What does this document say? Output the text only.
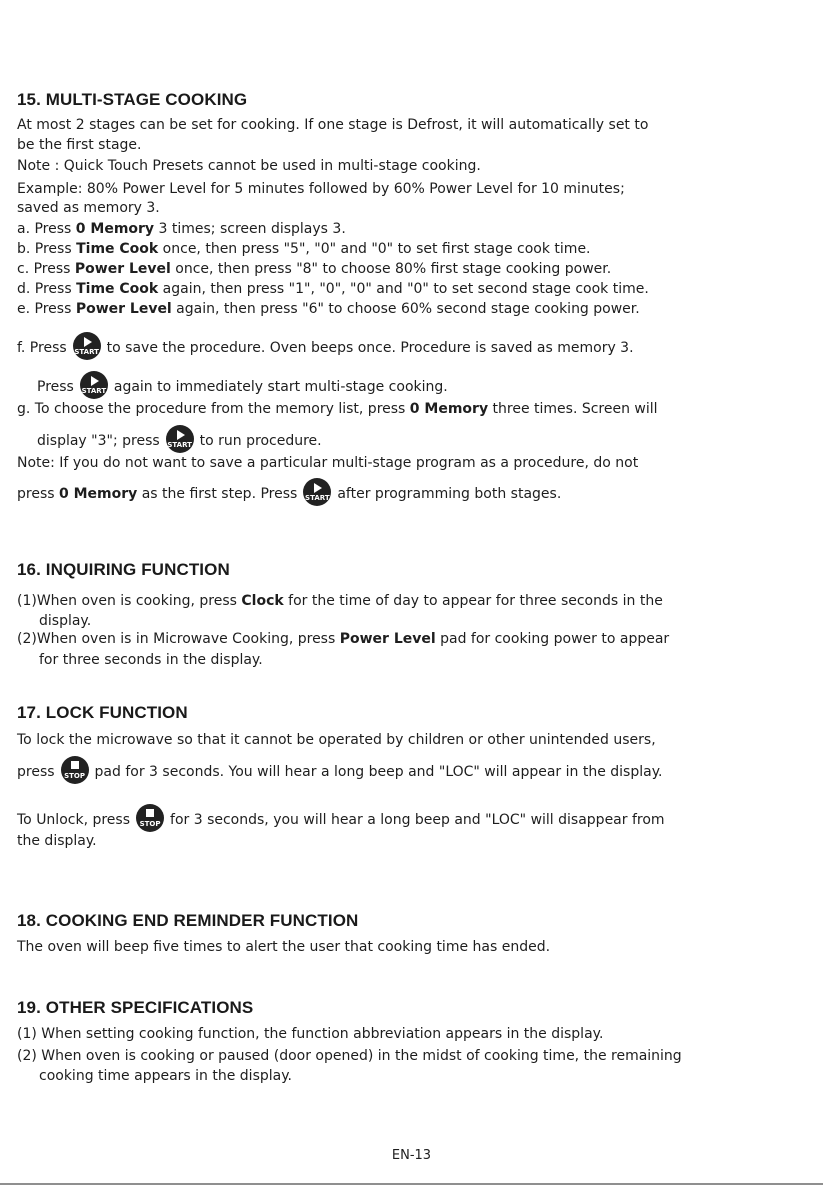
15. MULTI-STAGE COOKING

At most 2 stages can be set for cooking. If one stage is Defrost, it will automatically set to

be the first stage.

Note : Quick Touch Presets cannot be used in multi-stage cooking.

Example: 80% Power Level for 5 minutes followed by 60% Power Level for 10 minutes;

saved as memory 3.

a. Press 0 Memory 3 times; screen displays 3.

b. Press Time Cook once, then press "5", "0" and "0" to set first stage cook time.

c. Press Power Level once, then press "8" to choose 80% first stage cooking power.

d. Press Time Cook again, then press "1", "0", "0" and "0" to set second stage cook time.

e. Press Power Level again, then press "6" to choose 60% second stage cooking power.

f. Press START to save the procedure. Oven beeps once. Procedure is saved as memory 3.

Press START again to immediately start multi-stage cooking.

g. To choose the procedure from the memory list, press 0 Memory three times. Screen will

display "3"; press START to run procedure.

Note: If you do not want to save a particular multi-stage program as a procedure, do not

press 0 Memory as the first step. Press START after programming both stages.

16. INQUIRING FUNCTION

(1)When oven is cooking, press Clock for the time of day to appear for three seconds in the

display.

(2)When oven is in Microwave Cooking, press Power Level pad for cooking power to appear

for three seconds in the display.

17. LOCK FUNCTION

To lock the microwave so that it cannot be operated by children or other unintended users,

press	STOP pad for 3 seconds. You will hear a long beep and "LOC" will appear in the display.

To Unlock, press	STOP for 3 seconds, you will hear a long beep and "LOC" will disappear from

the display.

18. COOKING END REMINDER FUNCTION

The oven will beep five times to alert the user that cooking time has ended.

19. OTHER SPECIFICATIONS

(1) When setting cooking function, the function abbreviation appears in the display.

(2) When oven is cooking or paused (door opened) in the midst of cooking time, the remaining

cooking time appears in the display.

EN-13
